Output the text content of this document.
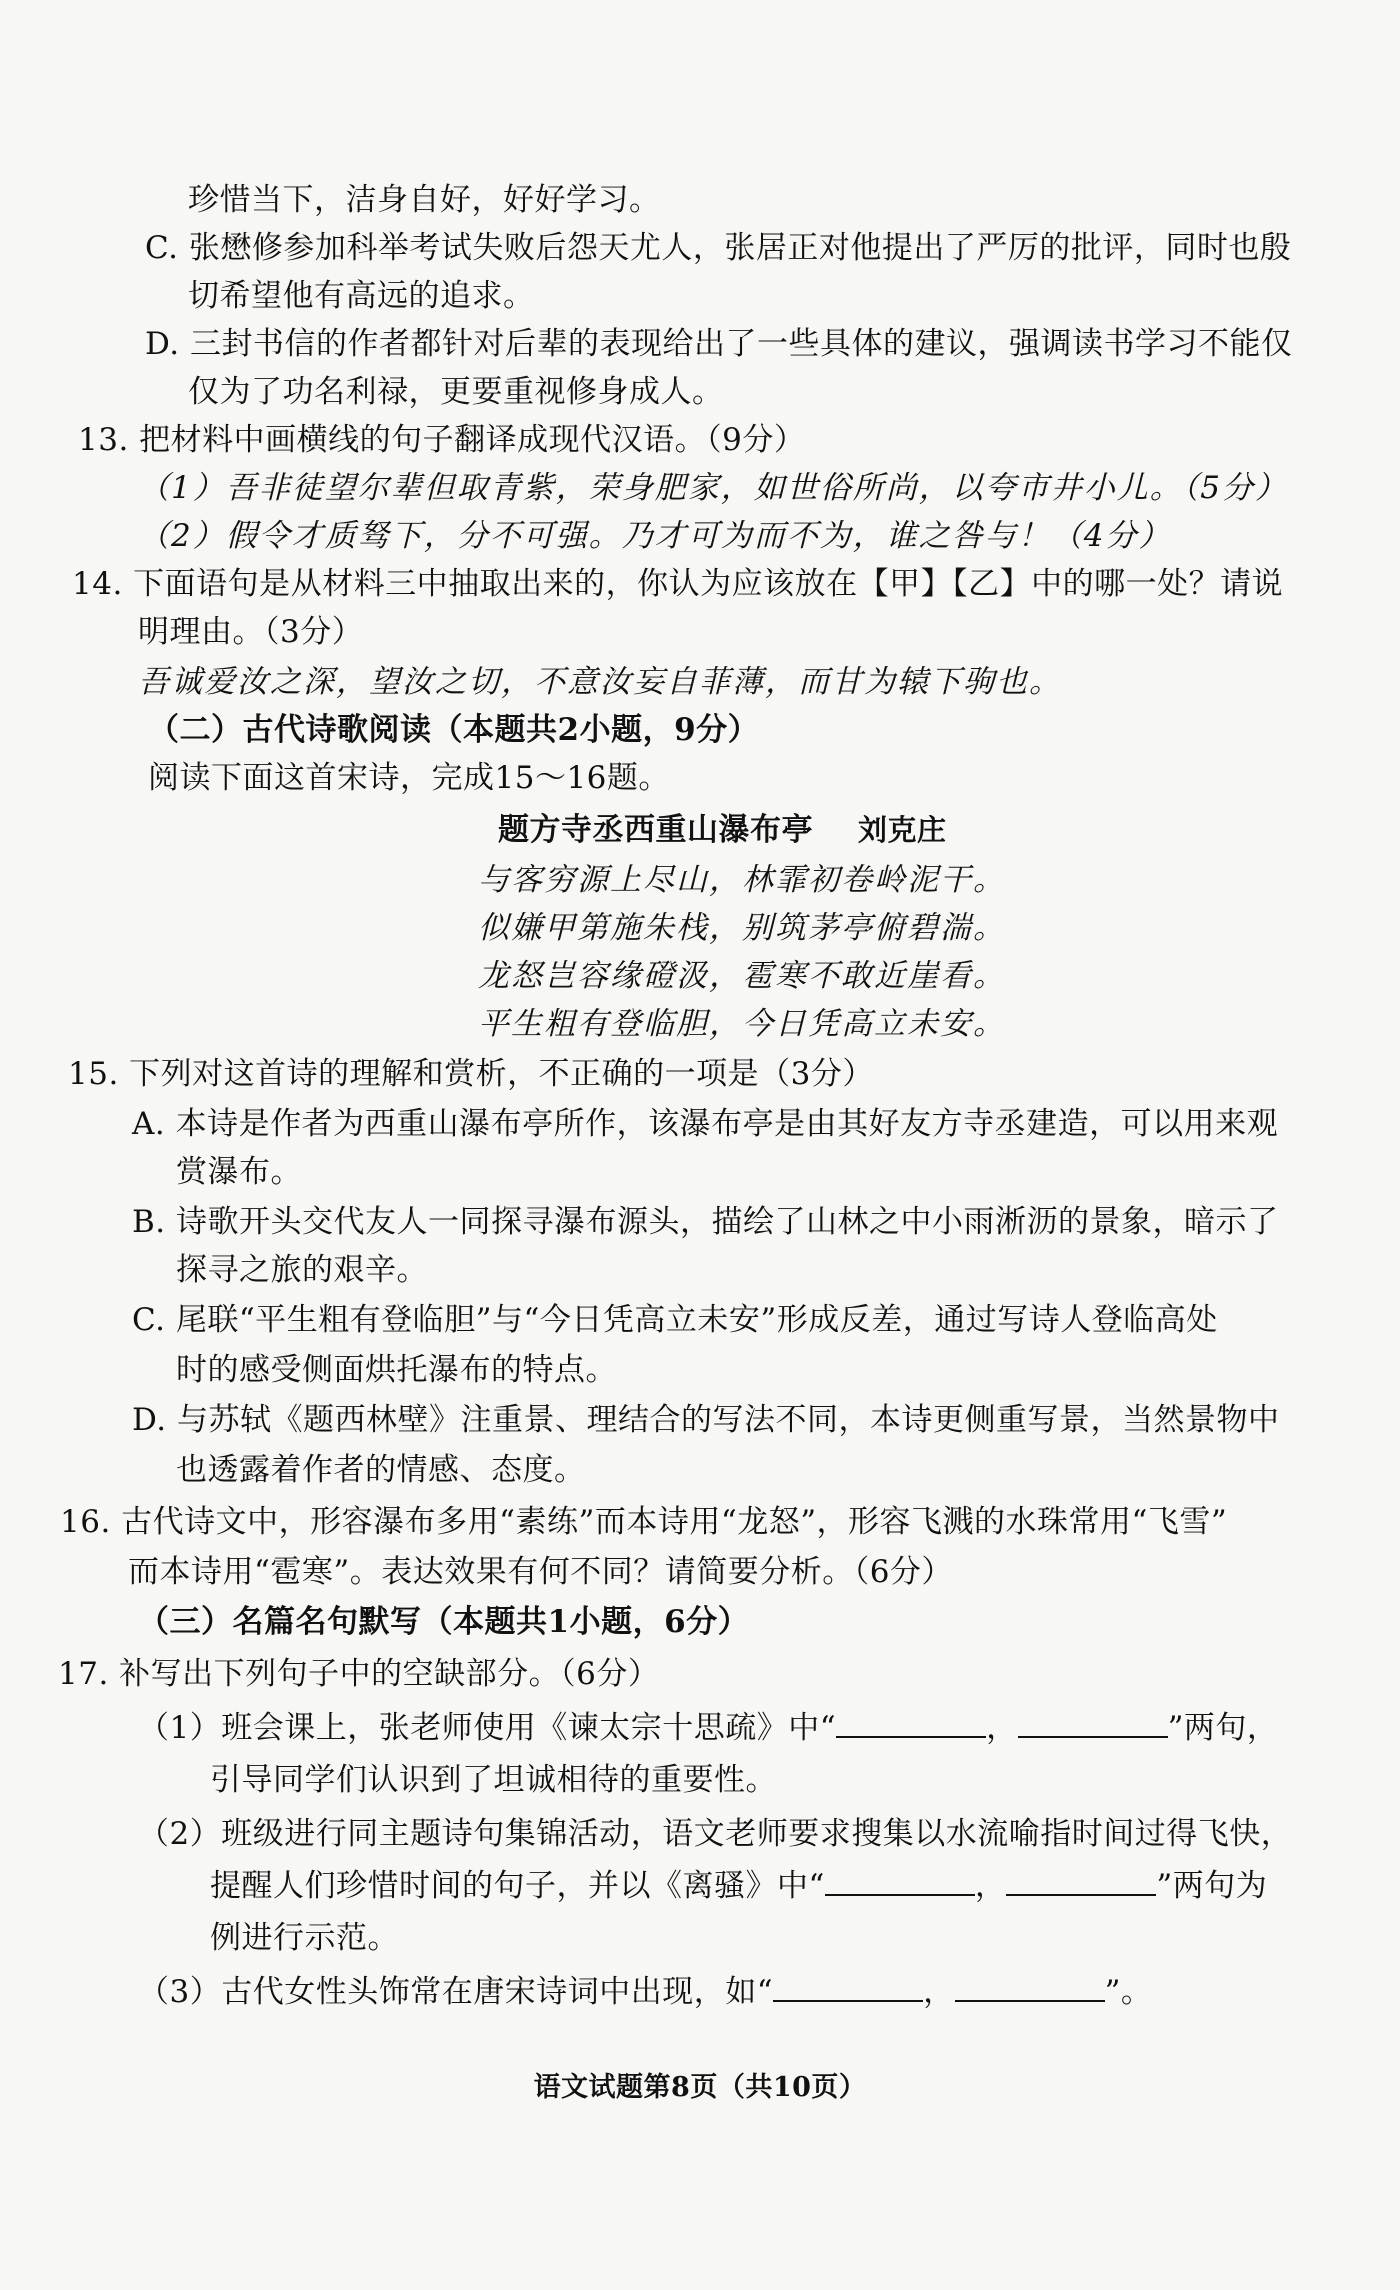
珍惜当下，洁身自好，好好学习。
C. 张懋修参加科举考试失败后怨天尤人，张居正对他提出了严厉的批评，同时也殷
切希望他有高远的追求。
D. 三封书信的作者都针对后辈的表现给出了一些具体的建议，强调读书学习不能仅
仅为了功名利禄，更要重视修身成人。
13. 把材料中画横线的句子翻译成现代汉语。（9分）
（1）吾非徒望尔辈但取青紫，荣身肥家，如世俗所尚，以夸市井小儿。（5分）
（2）假令才质驽下，分不可强。乃才可为而不为，谁之咎与！（4分）
14. 下面语句是从材料三中抽取出来的，你认为应该放在【甲】【乙】中的哪一处？请说
明理由。（3分）
吾诚爱汝之深，望汝之切，不意汝妄自菲薄，而甘为辕下驹也。
（二）古代诗歌阅读（本题共2小题，9分）
阅读下面这首宋诗，完成15～16题。
题方寺丞西重山瀑布亭 刘克庄
与客穷源上尽山，林霏初卷岭泥干。
似嫌甲第施朱栈，别筑茅亭俯碧湍。
龙怒岂容缘磴汲，雹寒不敢近崖看。
平生粗有登临胆，今日凭高立未安。
15. 下列对这首诗的理解和赏析，不正确的一项是（3分）
A. 本诗是作者为西重山瀑布亭所作，该瀑布亭是由其好友方寺丞建造，可以用来观
赏瀑布。
B. 诗歌开头交代友人一同探寻瀑布源头，描绘了山林之中小雨淅沥的景象，暗示了
探寻之旅的艰辛。
C. 尾联“平生粗有登临胆”与“今日凭高立未安”形成反差，通过写诗人登临高处
时的感受侧面烘托瀑布的特点。
D. 与苏轼《题西林壁》注重景、理结合的写法不同，本诗更侧重写景，当然景物中
也透露着作者的情感、态度。
16. 古代诗文中，形容瀑布多用“素练”而本诗用“龙怒”，形容飞溅的水珠常用“飞雪”
而本诗用“雹寒”。表达效果有何不同？请简要分析。（6分）
（三）名篇名句默写（本题共1小题，6分）
17. 补写出下列句子中的空缺部分。（6分）
（1）班会课上，张老师使用《谏太宗十思疏》中“	，	”两句，
引导同学们认识到了坦诚相待的重要性。
（2）班级进行同主题诗句集锦活动，语文老师要求搜集以水流喻指时间过得飞快，
提醒人们珍惜时间的句子，并以《离骚》中“	，	”两句为
例进行示范。
（3）古代女性头饰常在唐宋诗词中出现，如“	，	”。
语文试题第8页（共10页）
